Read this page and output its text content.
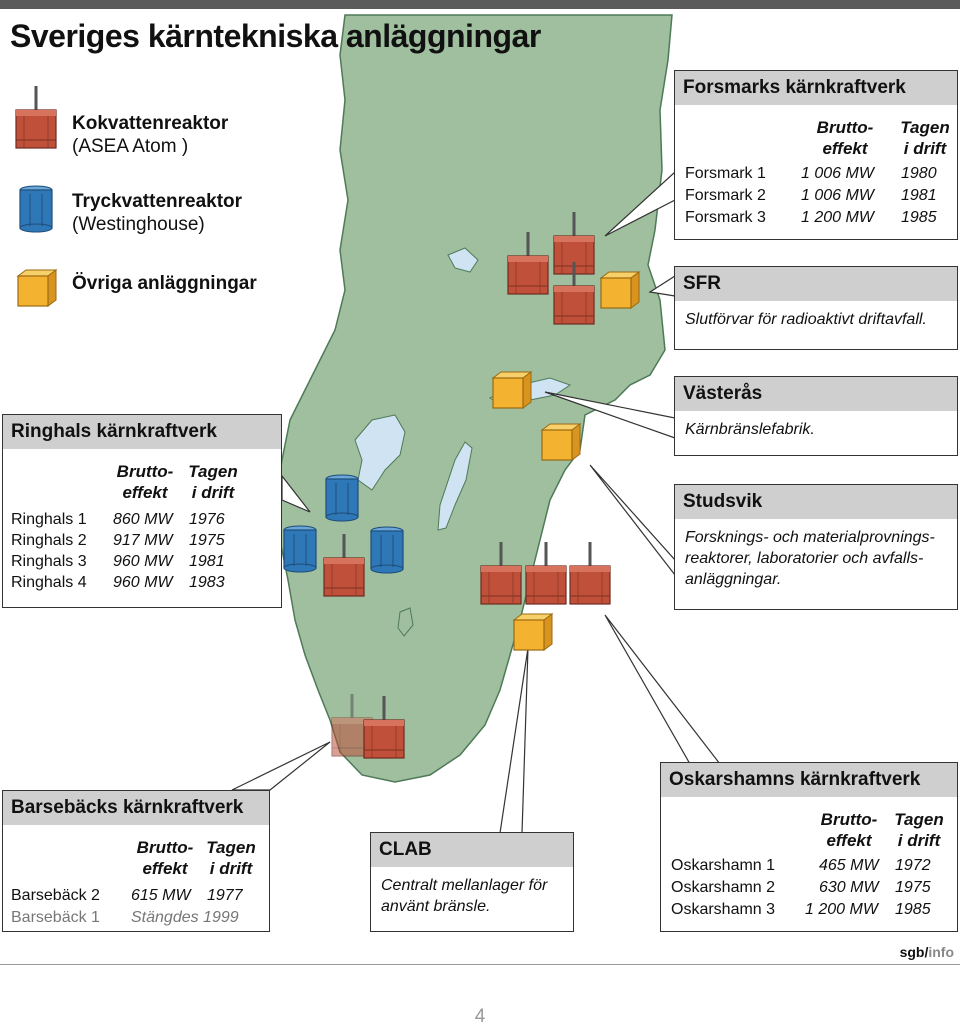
Sveriges kärntekniska anläggningar
Kokvattenreaktor
(ASEA Atom )
Tryckvattenreaktor
(Westinghouse)
Övriga anläggningar
Forsmarks kärnkraftverk
Brutto-
effekt
Tagen
i drift
Forsmark 1 1 006 MW 1980
Forsmark 2 1 006 MW 1981
Forsmark 3 1 200 MW 1985
SFR
Slutförvar för radioaktivt driftavfall.
Västerås
Kärnbränslefabrik.
Studsvik
Forsknings- och materialprovnings-
reaktorer, laboratorier och avfalls-
anläggningar.
Ringhals kärnkraftverk
Brutto-
effekt
Tagen
i drift
Ringhals 1 860 MW 1976
Ringhals 2 917 MW 1975
Ringhals 3 960 MW 1981
Ringhals 4 960 MW 1983
Barsebäcks kärnkraftverk
Brutto-
effekt
Tagen
i drift
Barsebäck 2 615 MW 1977
Barsebäck 1 Stängdes 1999
CLAB
Centralt mellanlager för
använt bränsle.
Oskarshamns kärnkraftverk
Brutto-
effekt
Tagen
i drift
Oskarshamn 1	465 MW 1972
Oskarshamn 2	630 MW 1975
Oskarshamn 3 1 200 MW 1985
sgb/info
4
